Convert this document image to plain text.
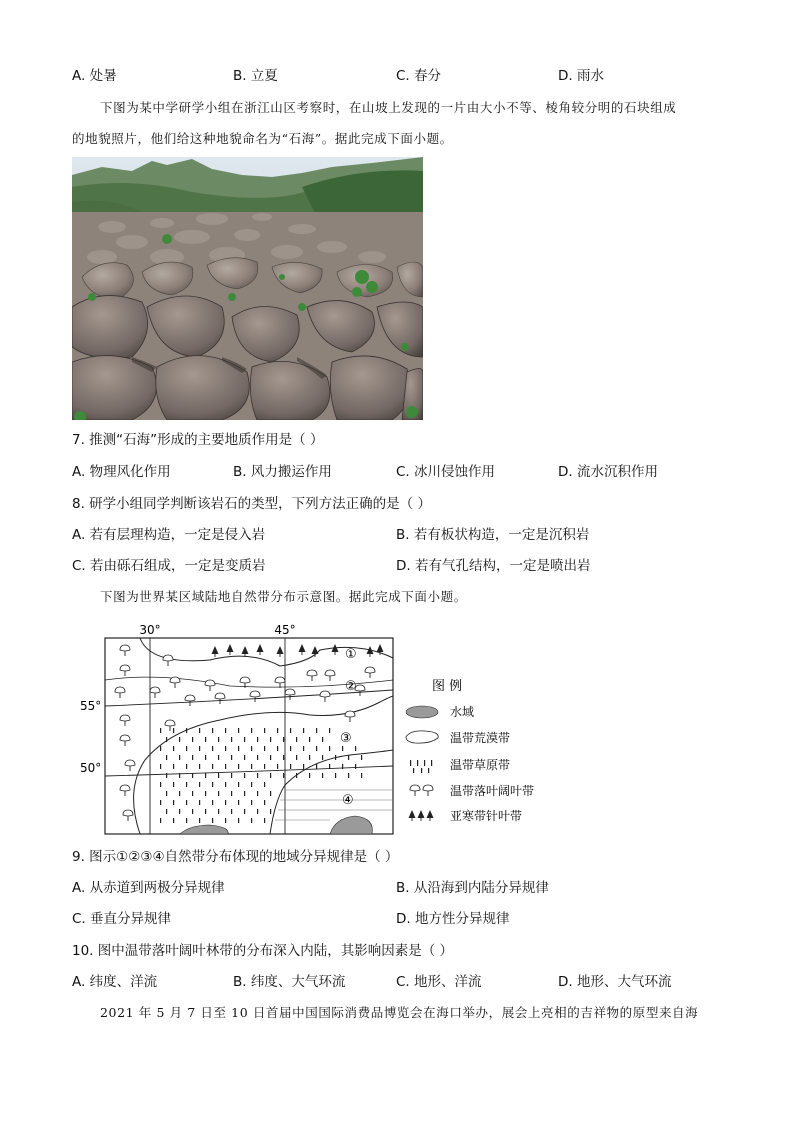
A. 处暑	B. 立夏	C. 春分	D. 雨水
下图为某中学研学小组在浙江山区考察时，在山坡上发现的一片由大小不等、棱角较分明的石块组成
的地貌照片，他们给这种地貌命名为“石海”。据此完成下面小题。
7. 推测“石海”形成的主要地质作用是（ ）
A. 物理风化作用	B. 风力搬运作用	C. 冰川侵蚀作用	D. 流水沉积作用
8. 研学小组同学判断该岩石的类型，下列方法正确的是（ ）
A. 若有层理构造，一定是侵入岩	B. 若有板状构造，一定是沉积岩
C. 若由砾石组成，一定是变质岩	D. 若有气孔结构，一定是喷出岩
下图为世界某区域陆地自然带分布示意图。据此完成下面小题。
30°	45°
55°
50°
①
②
③
④
图 例
水域
温带荒漠带
温带草原带
温带落叶阔叶带
亚寒带针叶带
9. 图示①②③④自然带分布体现的地域分异规律是（ ）
A. 从赤道到两极分异规律	B. 从沿海到内陆分异规律
C. 垂直分异规律	D. 地方性分异规律
10. 图中温带落叶阔叶林带的分布深入内陆，其影响因素是（ ）
A. 纬度、洋流	B. 纬度、大气环流	C. 地形、洋流	D. 地形、大气环流
2021 年 5 月 7 日至 10 日首届中国国际消费品博览会在海口举办，展会上亮相的吉祥物的原型来自海
